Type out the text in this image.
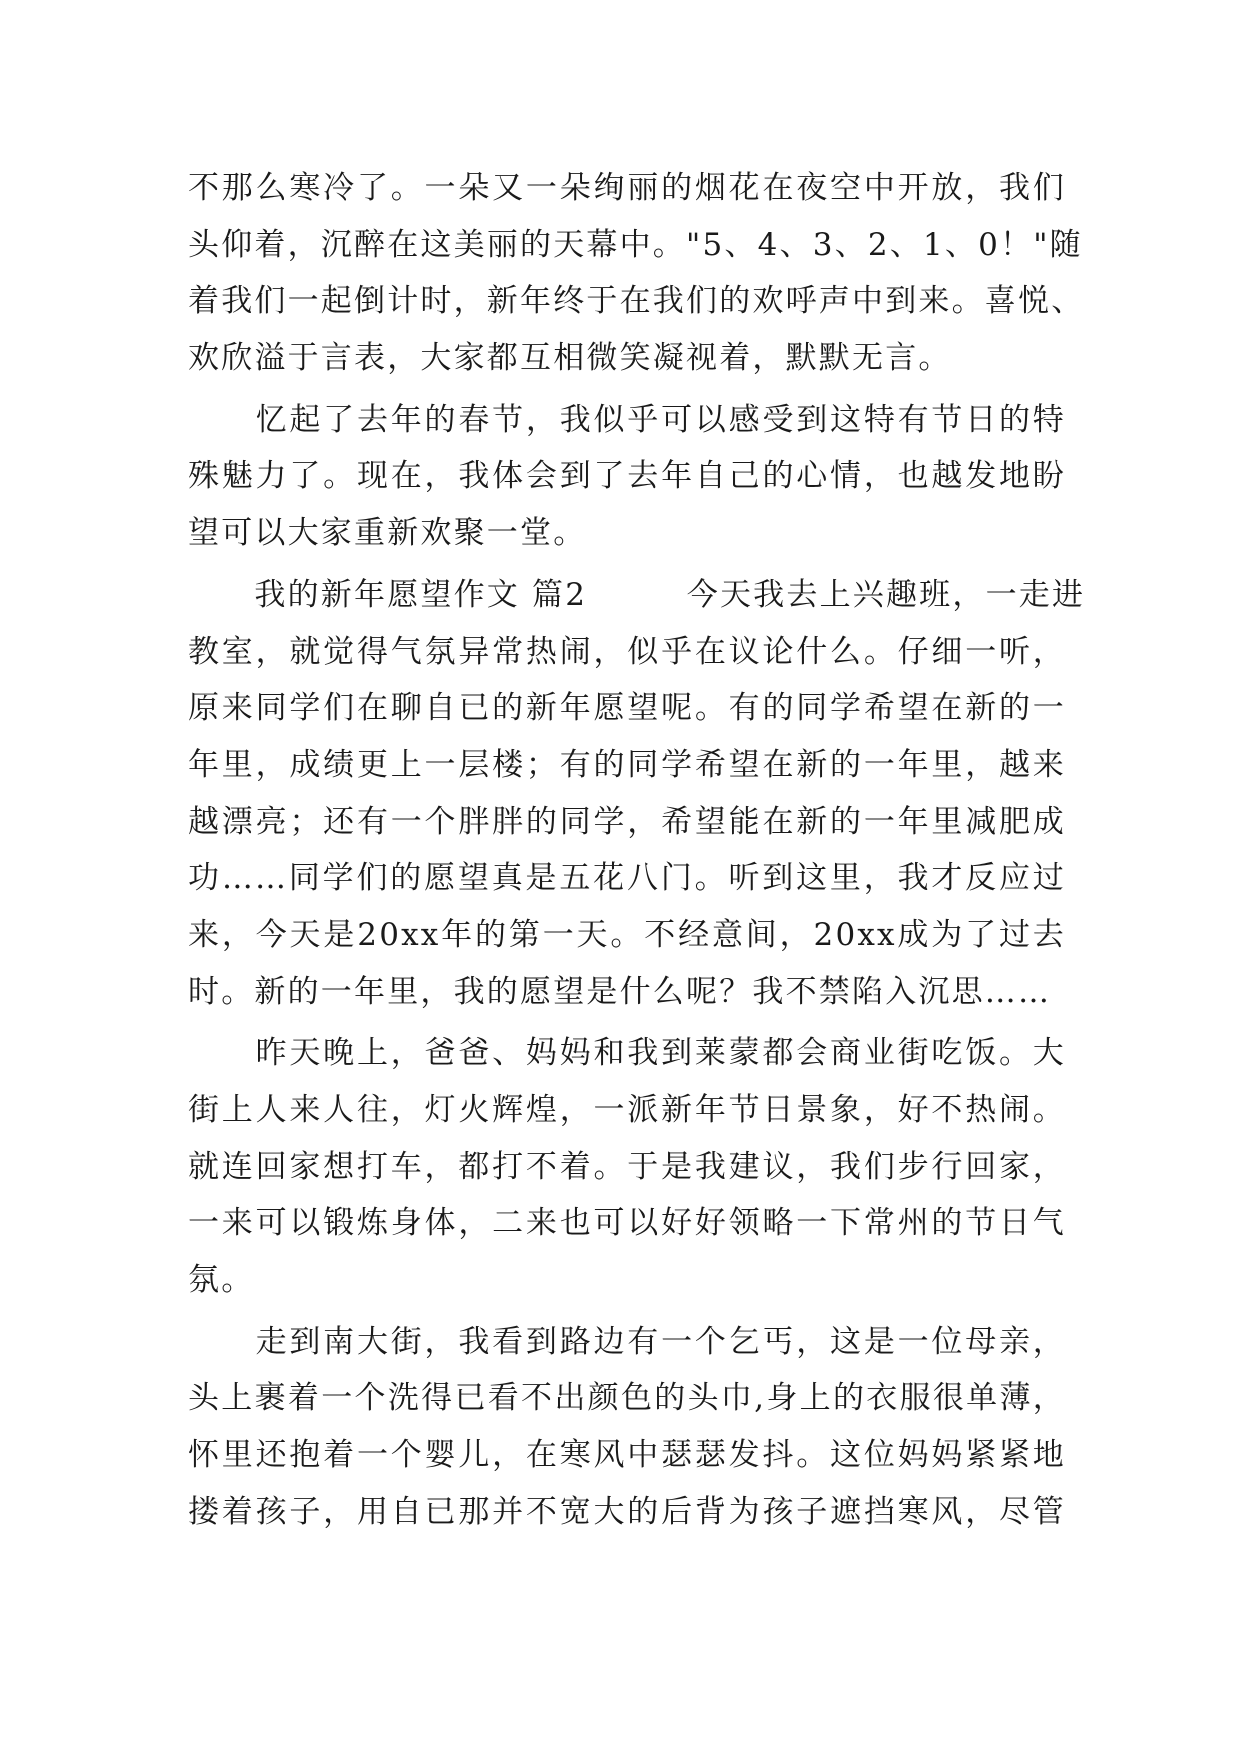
不那么寒冷了。一朵又一朵绚丽的烟花在夜空中开放，我们
头仰着，沉醉在这美丽的天幕中。"5、4、3、2、1、0！"随
着我们一起倒计时，新年终于在我们的欢呼声中到来。喜悦、
欢欣溢于言表，大家都互相微笑凝视着，默默无言。
　　忆起了去年的春节，我似乎可以感受到这特有节日的特
殊魅力了。现在，我体会到了去年自己的心情，也越发地盼
望可以大家重新欢聚一堂。
　　我的新年愿望作文 篇2　　　今天我去上兴趣班，一走进
教室，就觉得气氛异常热闹，似乎在议论什么。仔细一听，
原来同学们在聊自已的新年愿望呢。有的同学希望在新的一
年里，成绩更上一层楼；有的同学希望在新的一年里，越来
越漂亮；还有一个胖胖的同学，希望能在新的一年里减肥成
功……同学们的愿望真是五花八门。听到这里，我才反应过
来，今天是20xx年的第一天。不经意间，20xx成为了过去
时。新的一年里，我的愿望是什么呢？我不禁陷入沉思……
　　昨天晚上，爸爸、妈妈和我到莱蒙都会商业街吃饭。大
街上人来人往，灯火辉煌，一派新年节日景象，好不热闹。
就连回家想打车，都打不着。于是我建议，我们步行回家，
一来可以锻炼身体，二来也可以好好领略一下常州的节日气
氛。
　　走到南大街，我看到路边有一个乞丐，这是一位母亲，
头上裹着一个洗得已看不出颜色的头巾,身上的衣服很单薄，
怀里还抱着一个婴儿，在寒风中瑟瑟发抖。这位妈妈紧紧地
搂着孩子，用自已那并不宽大的后背为孩子遮挡寒风，尽管
